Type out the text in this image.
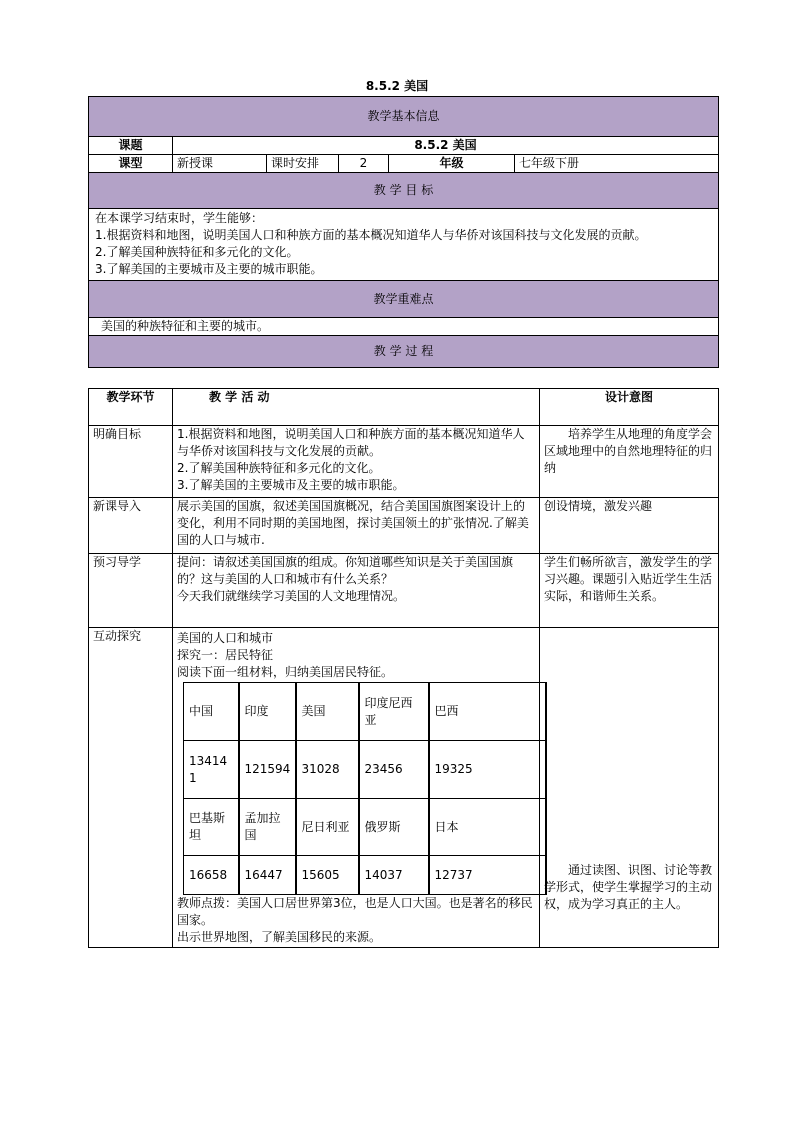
8.5.2 美国
教学基本信息					
课题	8.5.2 美国				
课型	新授课	课时安排	2	年级	七年级下册
教 学 目 标					

在本课学习结束时，学生能够：
1.根据资料和地图，说明美国人口和种族方面的基本概况知道华人与华侨对该国科技与文化发展的贡献。
2.了解美国种族特征和多元化的文化。
3.了解美国的主要城市及主要的城市职能。					

教学重难点					
美国的种族特征和主要的城市。					
教 学 过 程					
教学环节	教 学 活 动	设计意图
明确目标	1.根据资料和地图，说明美国人口和种族方面的基本概况知道华人与华侨对该国科技与文化发展的贡献。
2.了解美国种族特征和多元化的文化。
3.了解美国的主要城市及主要的城市职能。
	培养学生从地理的角度学会区域地理中的自然地理特征的归纳
新课导入	展示美国的国旗，叙述美国国旗概况，结合美国国旗图案设计上的变化，利用不同时期的美国地图，探讨美国领土的扩张情况.了解美国的人口与城市.	创设情境，激发兴趣
预习导学	提问：请叙述美国国旗的组成。你知道哪些知识是关于美国国旗的？这与美国的人口和城市有什么关系？
今天我们就继续学习美国的人文地理情况。
	学生们畅所欲言，激发学生的学习兴趣。课题引入贴近学生生活实际，和谐师生关系。
互动探究	美国的人口和城市
探究一：居民特征
阅读下面一组材料，归纳美国居民特征。
中国	印度	美国	印度尼西亚	巴西
134141	121594	31028	23456	19325
巴基斯坦	孟加拉国	尼日利亚	俄罗斯	日本
16658	16447	15605	14037	12737
教师点拨：美国人口居世界第3位，也是人口大国。也是著名的移民国家。
出示世界地图，了解美国移民的来源。
	通过读图、识图、讨论等教学形式，使学生掌握学习的主动权，成为学习真正的主人。
